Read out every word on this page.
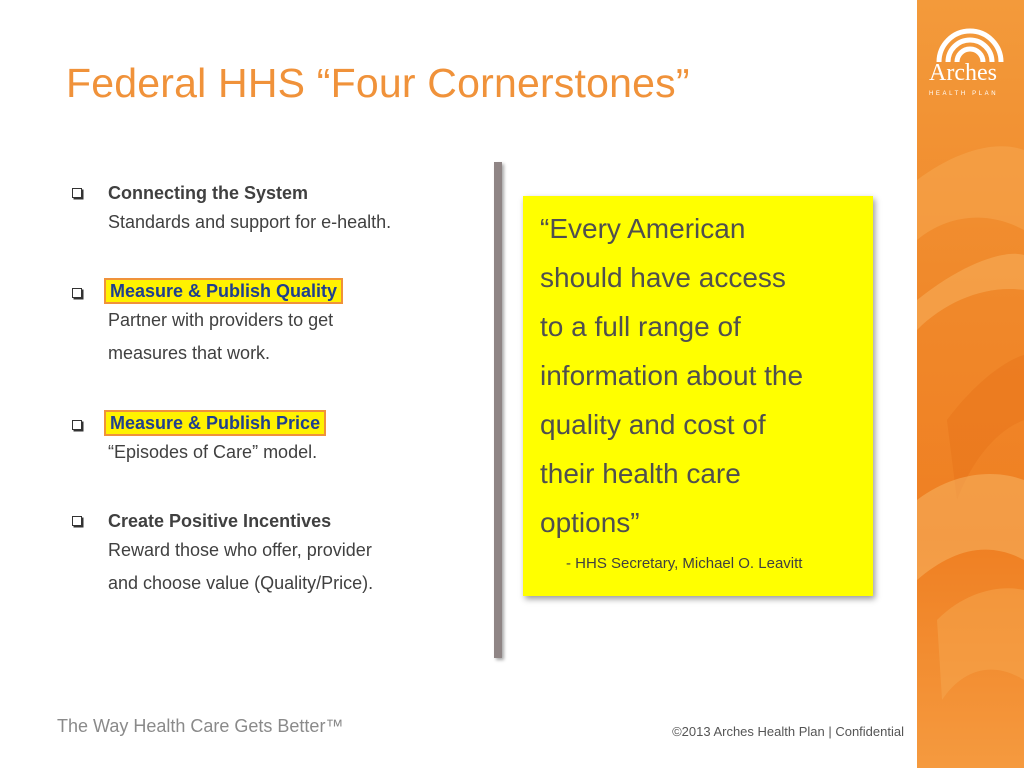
Federal HHS “Four Cornerstones”
Connecting the System
Standards and support for e-health.
Measure & Publish Quality
Partner with providers to get
measures that work.
Measure & Publish Price
“Episodes of Care” model.
Create Positive Incentives
Reward those who offer, provider
and choose value (Quality/Price).
“Every American
should have access
to a full range of
information about the
quality and cost of
their health care
options”
- HHS Secretary, Michael O. Leavitt
The Way Health Care Gets Better™	©2013 Arches Health Plan | Confidential
Arches
HEALTH PLAN
